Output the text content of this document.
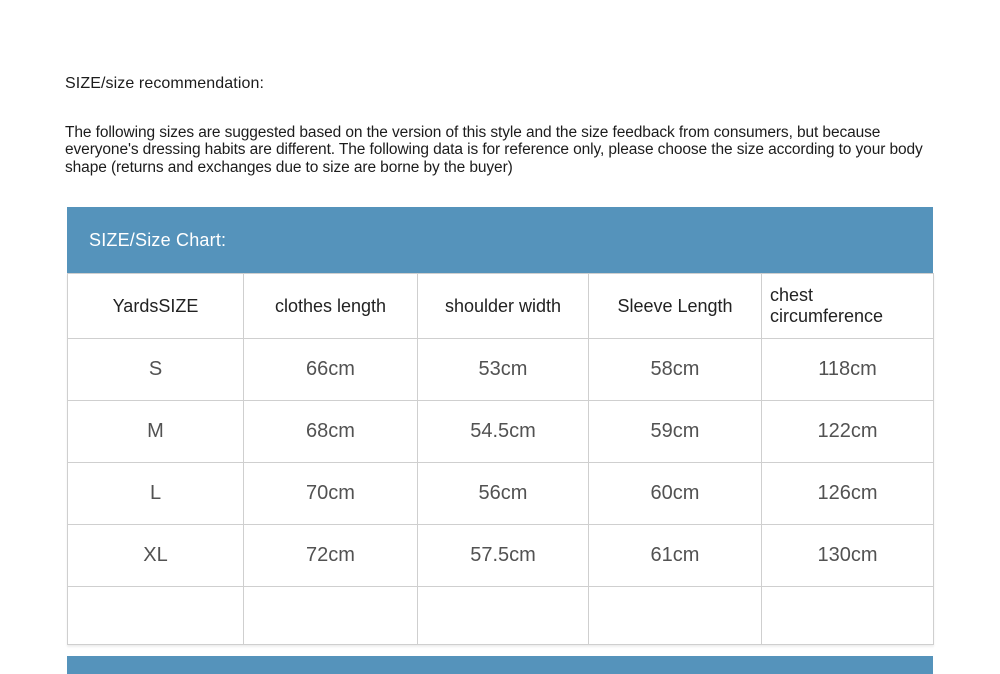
SIZE/size recommendation:
The following sizes are suggested based on the version of this style and the size feedback from consumers, but because everyone's dressing habits are different. The following data is for reference only, please choose the size according to your body shape (returns and exchanges due to size are borne by the buyer)
SIZE/Size Chart:
YardsSIZE	clothes length	shoulder width	Sleeve Length	chest circumference
S	66cm	53cm	58cm	118cm
M	68cm	54.5cm	59cm	122cm
L	70cm	56cm	60cm	126cm
XL	72cm	57.5cm	61cm	130cm
